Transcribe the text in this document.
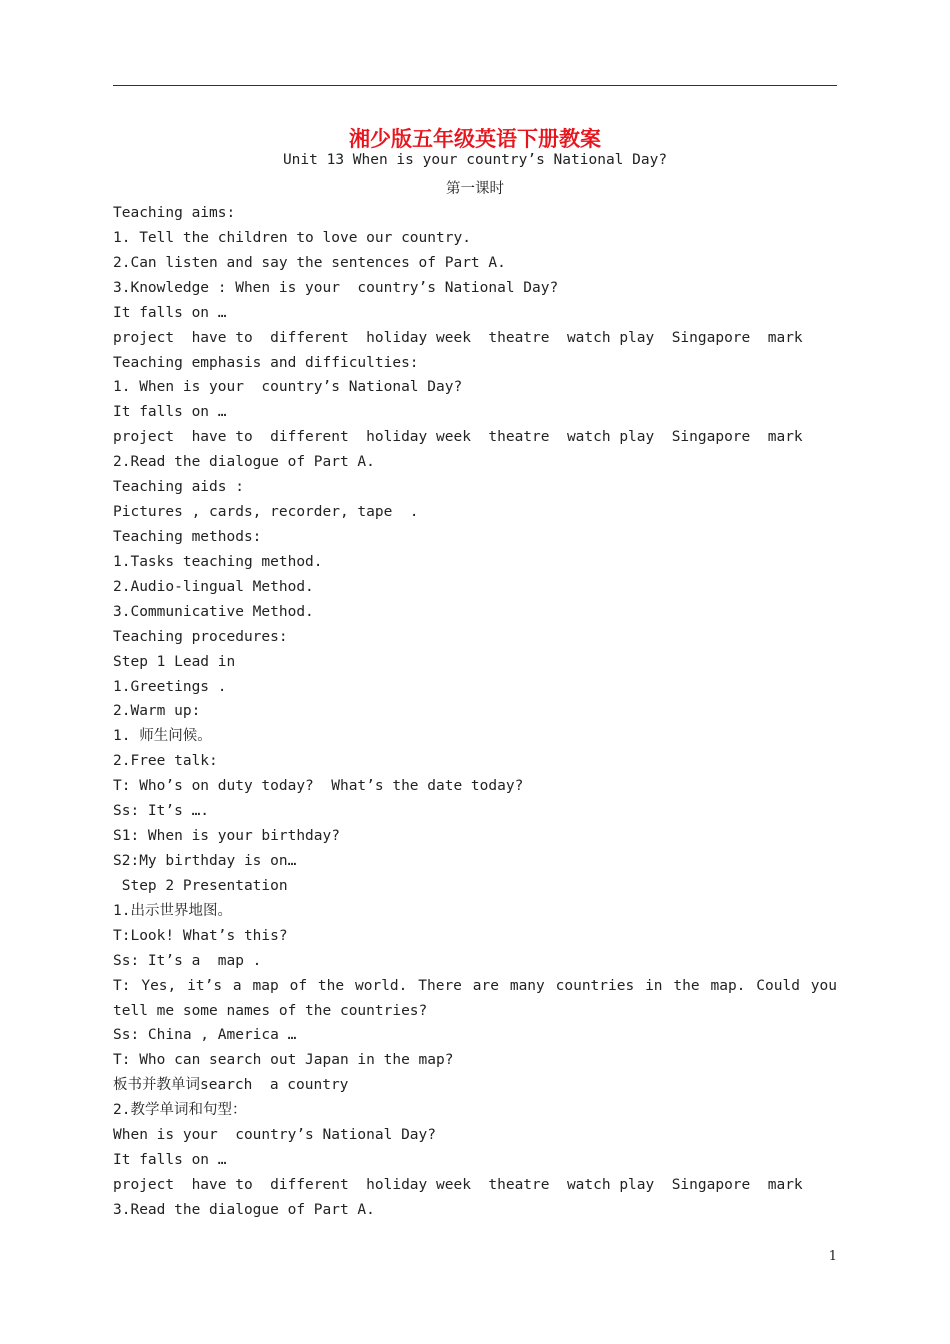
湘少版五年级英语下册教案
Unit 13 When is your country’s National Day?
第一课时
Teaching aims:
1. Tell the children to love our country.
2.Can listen and say the sentences of Part A.
3.Knowledge : When is your  country’s National Day?
It falls on …
project  have to  different  holiday week  theatre  watch play  Singapore  mark
Teaching emphasis and difficulties:
1. When is your  country’s National Day?
It falls on …
project  have to  different  holiday week  theatre  watch play  Singapore  mark
2.Read the dialogue of Part A.
Teaching aids :
Pictures , cards, recorder, tape  .
Teaching methods:
1.Tasks teaching method.
2.Audio-lingual Method.
3.Communicative Method.
Teaching procedures:
Step 1 Lead in
1.Greetings .
2.Warm up:
1. 师生问候。
2.Free talk:
T: Who’s on duty today?  What’s the date today?
Ss: It’s ….
S1: When is your birthday?
S2:My birthday is on…
Step 2 Presentation
1.出示世界地图。
T:Look! What’s this?
Ss: It’s a  map .
T: Yes, it’s a map of the world. There are many countries in the map. Could you tell me some names of the countries?
Ss: China , America …
T: Who can search out Japan in the map?
板书并教单词search  a country
2.教学单词和句型：
When is your  country’s National Day?
It falls on …
project  have to  different  holiday week  theatre  watch play  Singapore  mark
3.Read the dialogue of Part A.
1
